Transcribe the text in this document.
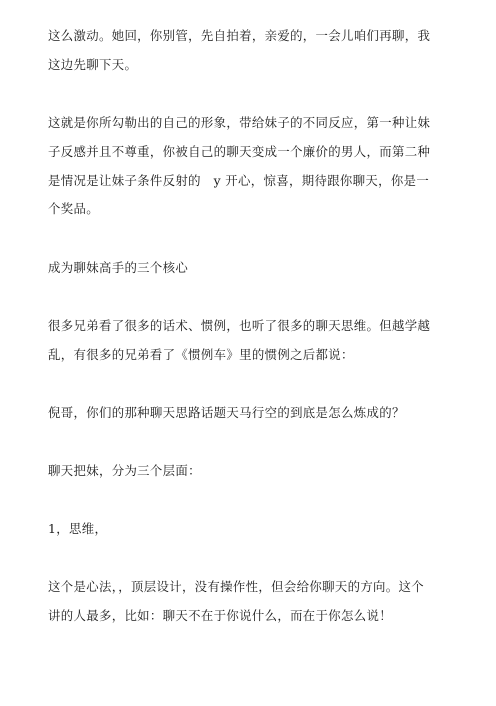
这么激动。她回，你别管，先自拍着，亲爱的，一会儿咱们再聊，我
这边先聊下天。
这就是你所勾勒出的自己的形象，带给妹子的不同反应，第一种让妹
子反感并且不尊重，你被自己的聊天变成一个廉价的男人，而第二种
是情况是让妹子条件反射的　y 开心，惊喜，期待跟你聊天，你是一
个奖品。
成为聊妹高手的三个核心
很多兄弟看了很多的话术、惯例，也听了很多的聊天思维。但越学越
乱，有很多的兄弟看了《惯例车》里的惯例之后都说：
倪哥，你们的那种聊天思路话题天马行空的到底是怎么炼成的？
聊天把妹，分为三个层面：
1，思维，
这个是心法，，顶层设计，没有操作性，但会给你聊天的方向。这个
讲的人最多，比如：聊天不在于你说什么，而在于你怎么说！
